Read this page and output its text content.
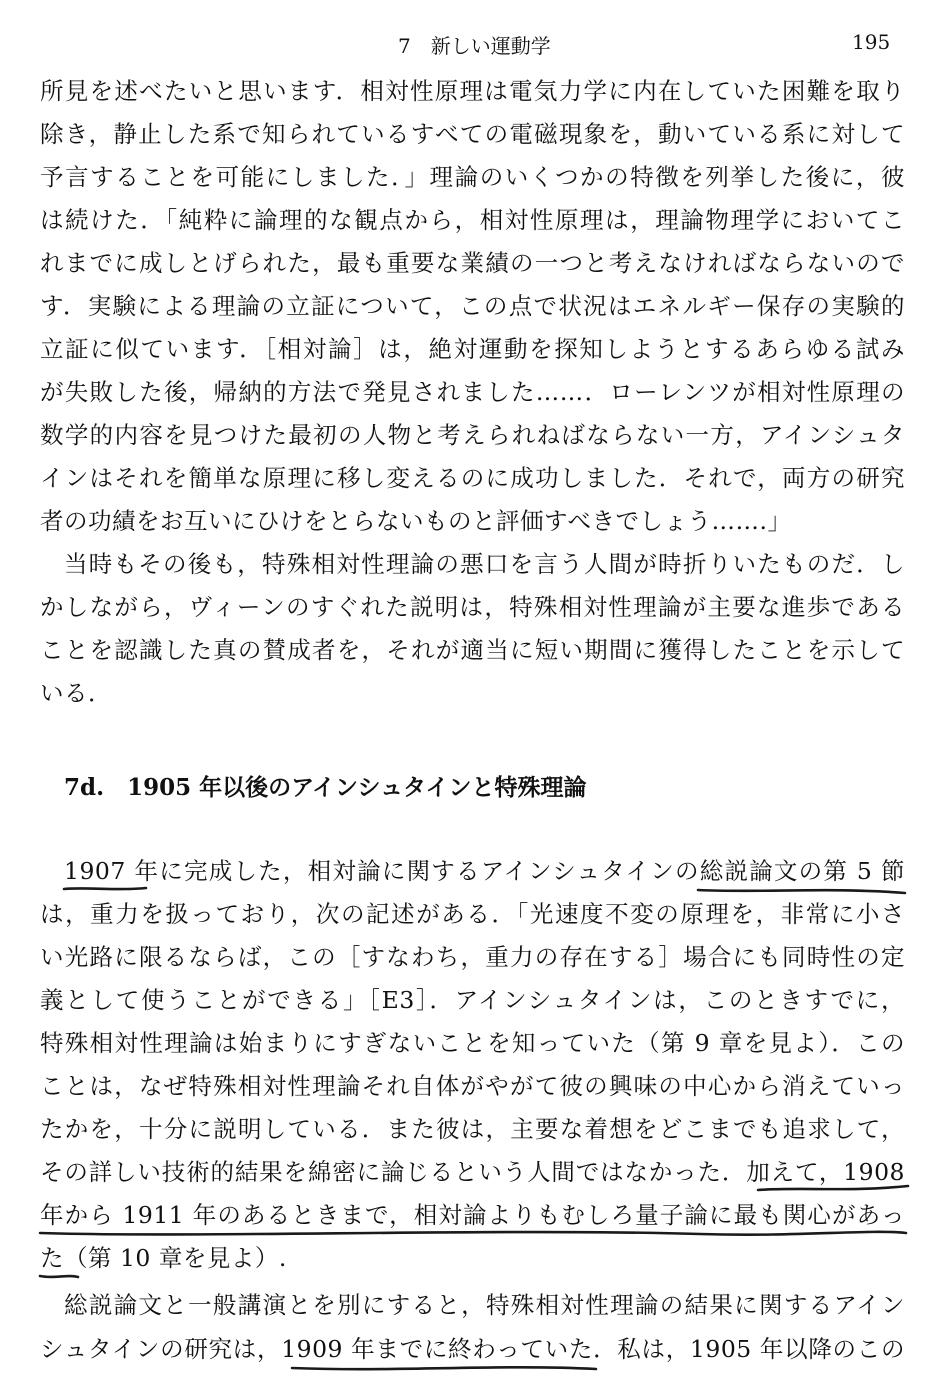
7　新しい運動学	195
所見を述べたいと思います．相対性原理は電気力学に内在していた困難を取り
除き，静止した系で知られているすべての電磁現象を，動いている系に対して
予言することを可能にしました．」理論のいくつかの特徴を列挙した後に，彼
は続けた．「純粋に論理的な観点から，相対性原理は，理論物理学においてこ
れまでに成しとげられた，最も重要な業績の一つと考えなければならないので
す．実験による理論の立証について，この点で状況はエネルギー保存の実験的
立証に似ています．［相対論］は，絶対運動を探知しようとするあらゆる試み
が失敗した後，帰納的方法で発見されました……．ローレンツが相対性原理の
数学的内容を見つけた最初の人物と考えられねばならない一方，アインシュタ
インはそれを簡単な原理に移し変えるのに成功しました．それで，両方の研究
者の功績をお互いにひけをとらないものと評価すべきでしょう…….」
当時もその後も，特殊相対性理論の悪口を言う人間が時折りいたものだ．し
かしながら，ヴィーンのすぐれた説明は，特殊相対性理論が主要な進歩である
ことを認識した真の賛成者を，それが適当に短い期間に獲得したことを示して
いる．
7d.　1905 年以後のアインシュタインと特殊理論
1907 年に完成した，相対論に関するアインシュタインの総説論文の第 5 節
は，重力を扱っており，次の記述がある．「光速度不変の原理を，非常に小さ
い光路に限るならば，この［すなわち，重力の存在する］場合にも同時性の定
義として使うことができる」［E3］．アインシュタインは，このときすでに，
特殊相対性理論は始まりにすぎないことを知っていた（第 9 章を見よ）．この
ことは，なぜ特殊相対性理論それ自体がやがて彼の興味の中心から消えていっ
たかを，十分に説明している．また彼は，主要な着想をどこまでも追求して，
その詳しい技術的結果を綿密に論じるという人間ではなかった．加えて，1908
年から 1911 年のあるときまで，相対論よりもむしろ量子論に最も関心があっ
た（第 10 章を見よ）.
総説論文と一般講演とを別にすると，特殊相対性理論の結果に関するアイン
シュタインの研究は，1909 年までに終わっていた．私は，1905 年以降のこの
